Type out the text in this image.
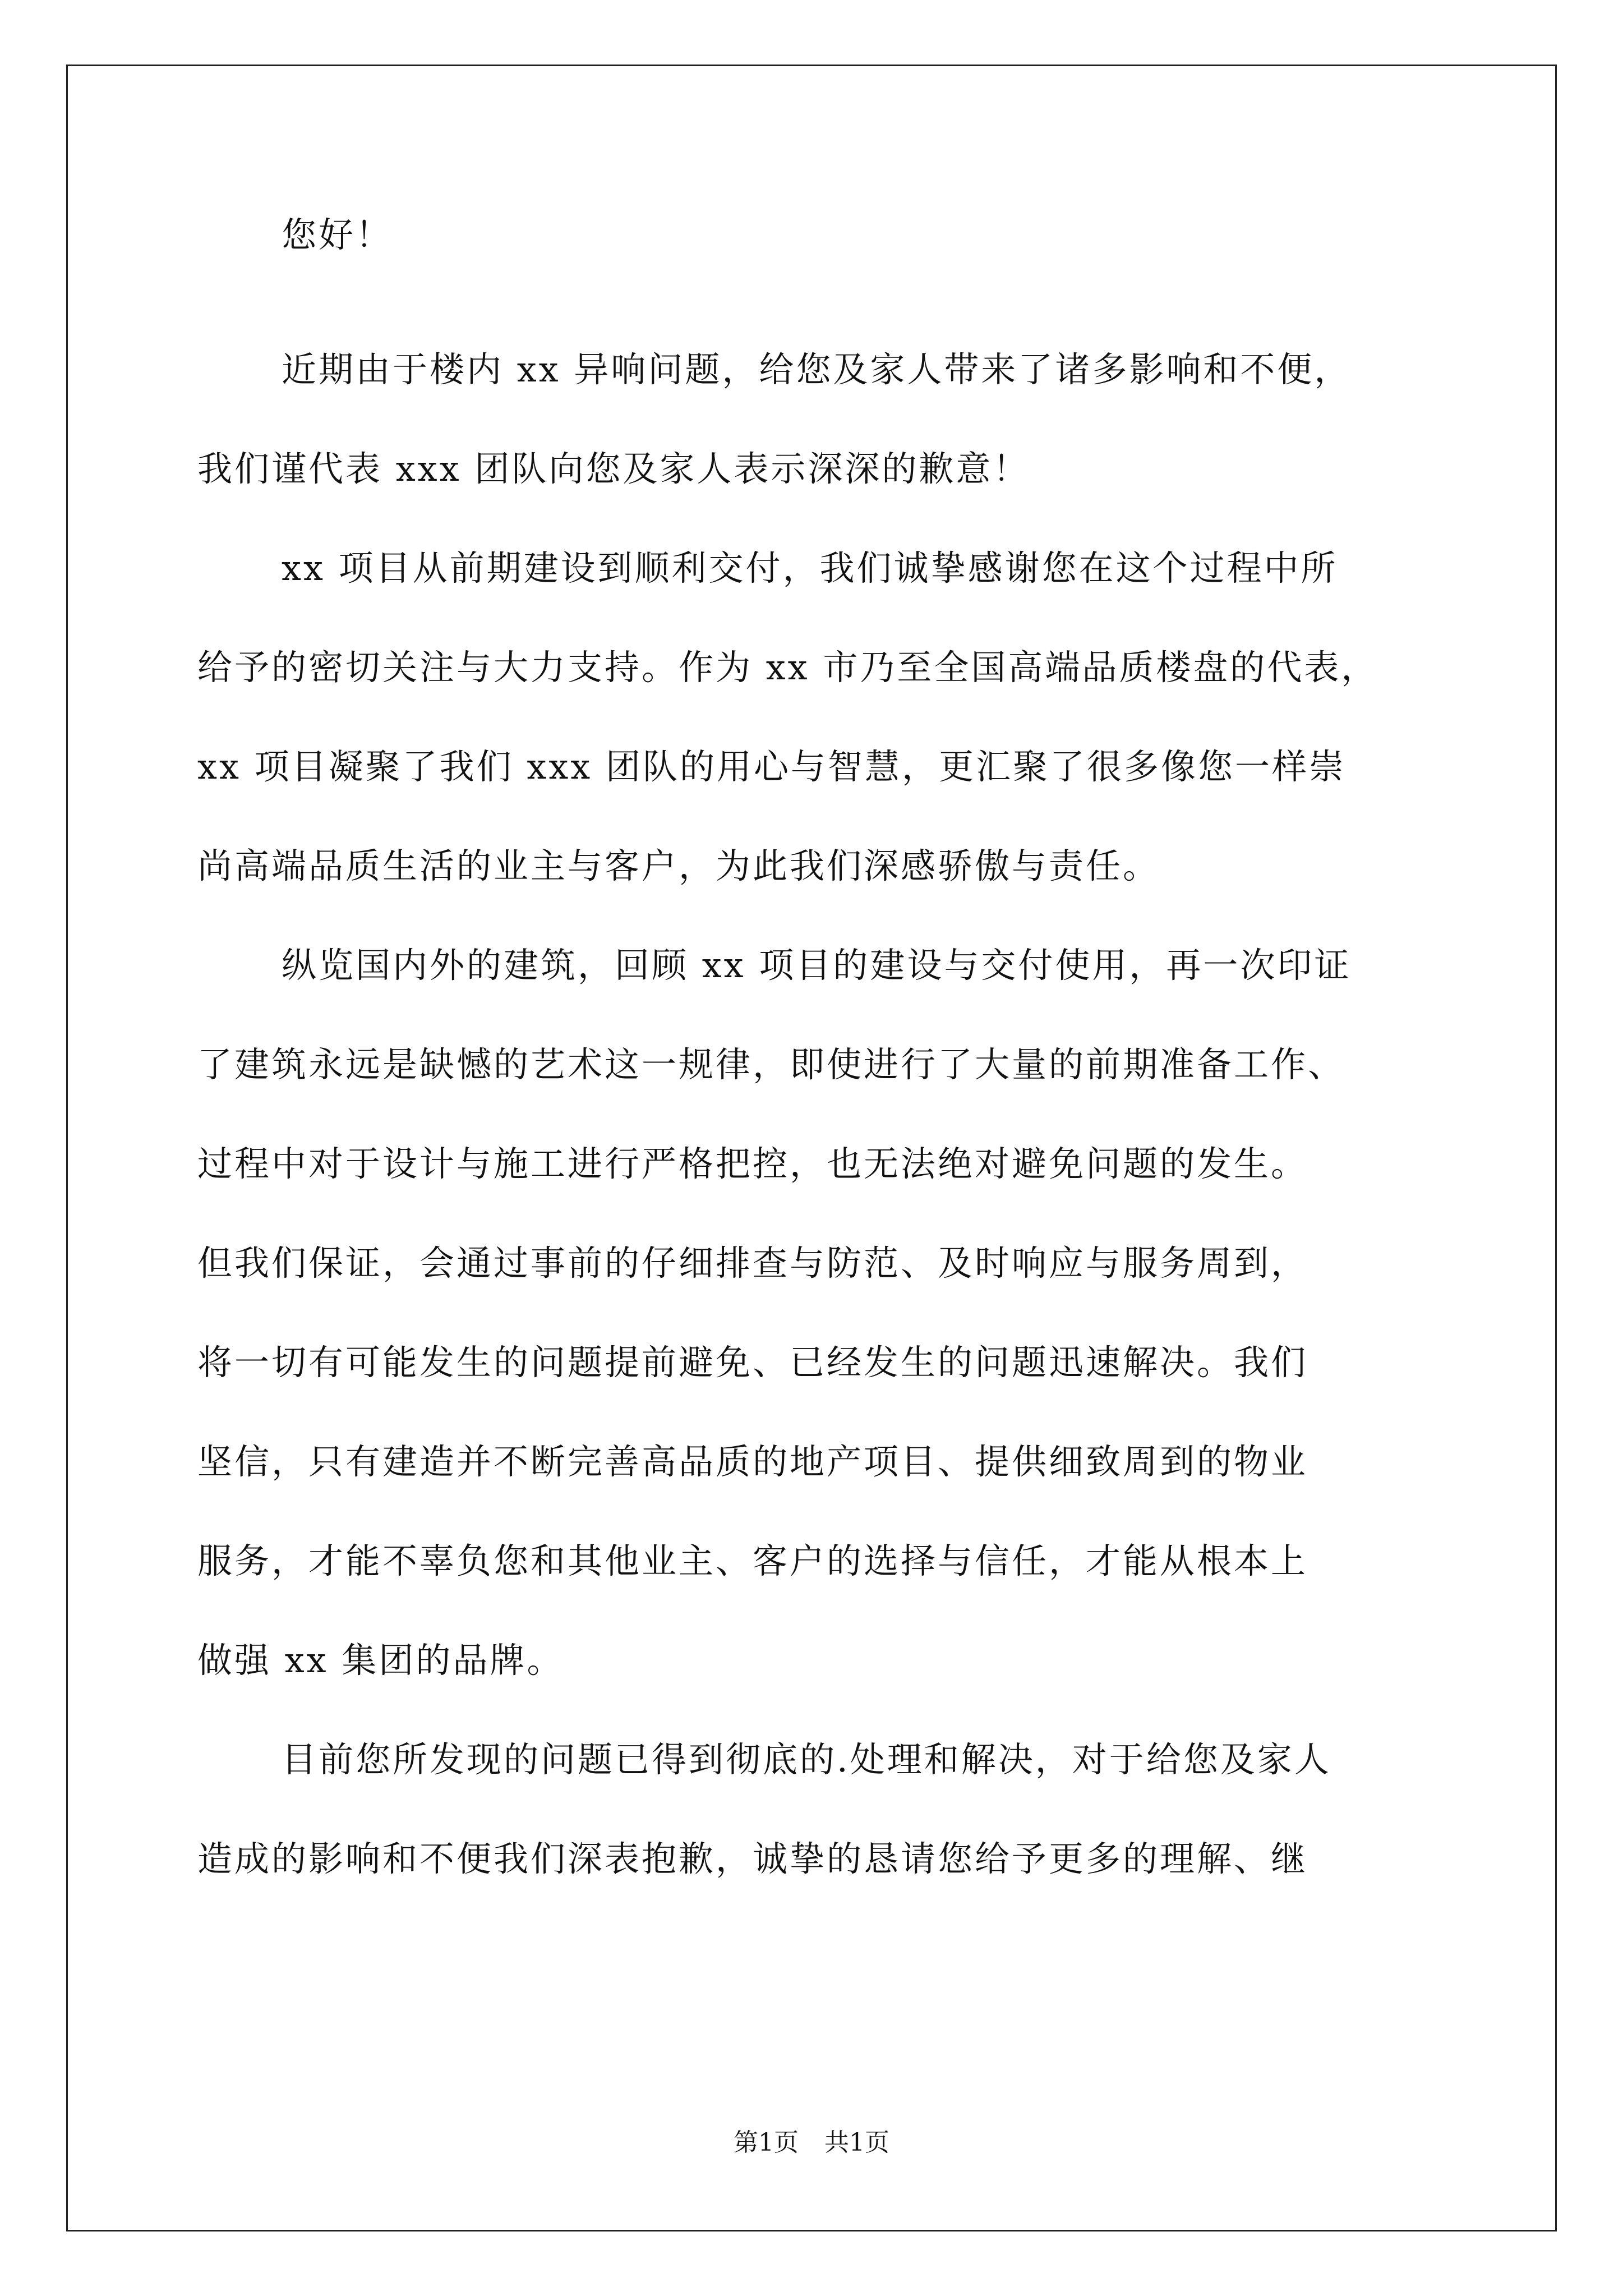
您好！
近期由于楼内 xx 异响问题，给您及家人带来了诸多影响和不便，
我们谨代表 xxx 团队向您及家人表示深深的歉意！
xx 项目从前期建设到顺利交付，我们诚挚感谢您在这个过程中所
给予的密切关注与大力支持。作为 xx 市乃至全国高端品质楼盘的代表，
xx 项目凝聚了我们 xxx 团队的用心与智慧，更汇聚了很多像您一样崇
尚高端品质生活的业主与客户，为此我们深感骄傲与责任。
纵览国内外的建筑，回顾 xx 项目的建设与交付使用，再一次印证
了建筑永远是缺憾的艺术这一规律，即使进行了大量的前期准备工作、
过程中对于设计与施工进行严格把控，也无法绝对避免问题的发生。
但我们保证，会通过事前的仔细排查与防范、及时响应与服务周到，
将一切有可能发生的问题提前避免、已经发生的问题迅速解决。我们
坚信，只有建造并不断完善高品质的地产项目、提供细致周到的物业
服务，才能不辜负您和其他业主、客户的选择与信任，才能从根本上
做强 xx 集团的品牌。
目前您所发现的问题已得到彻底的.处理和解决，对于给您及家人
造成的影响和不便我们深表抱歉，诚挚的恳请您给予更多的理解、继
第1页 共1页
